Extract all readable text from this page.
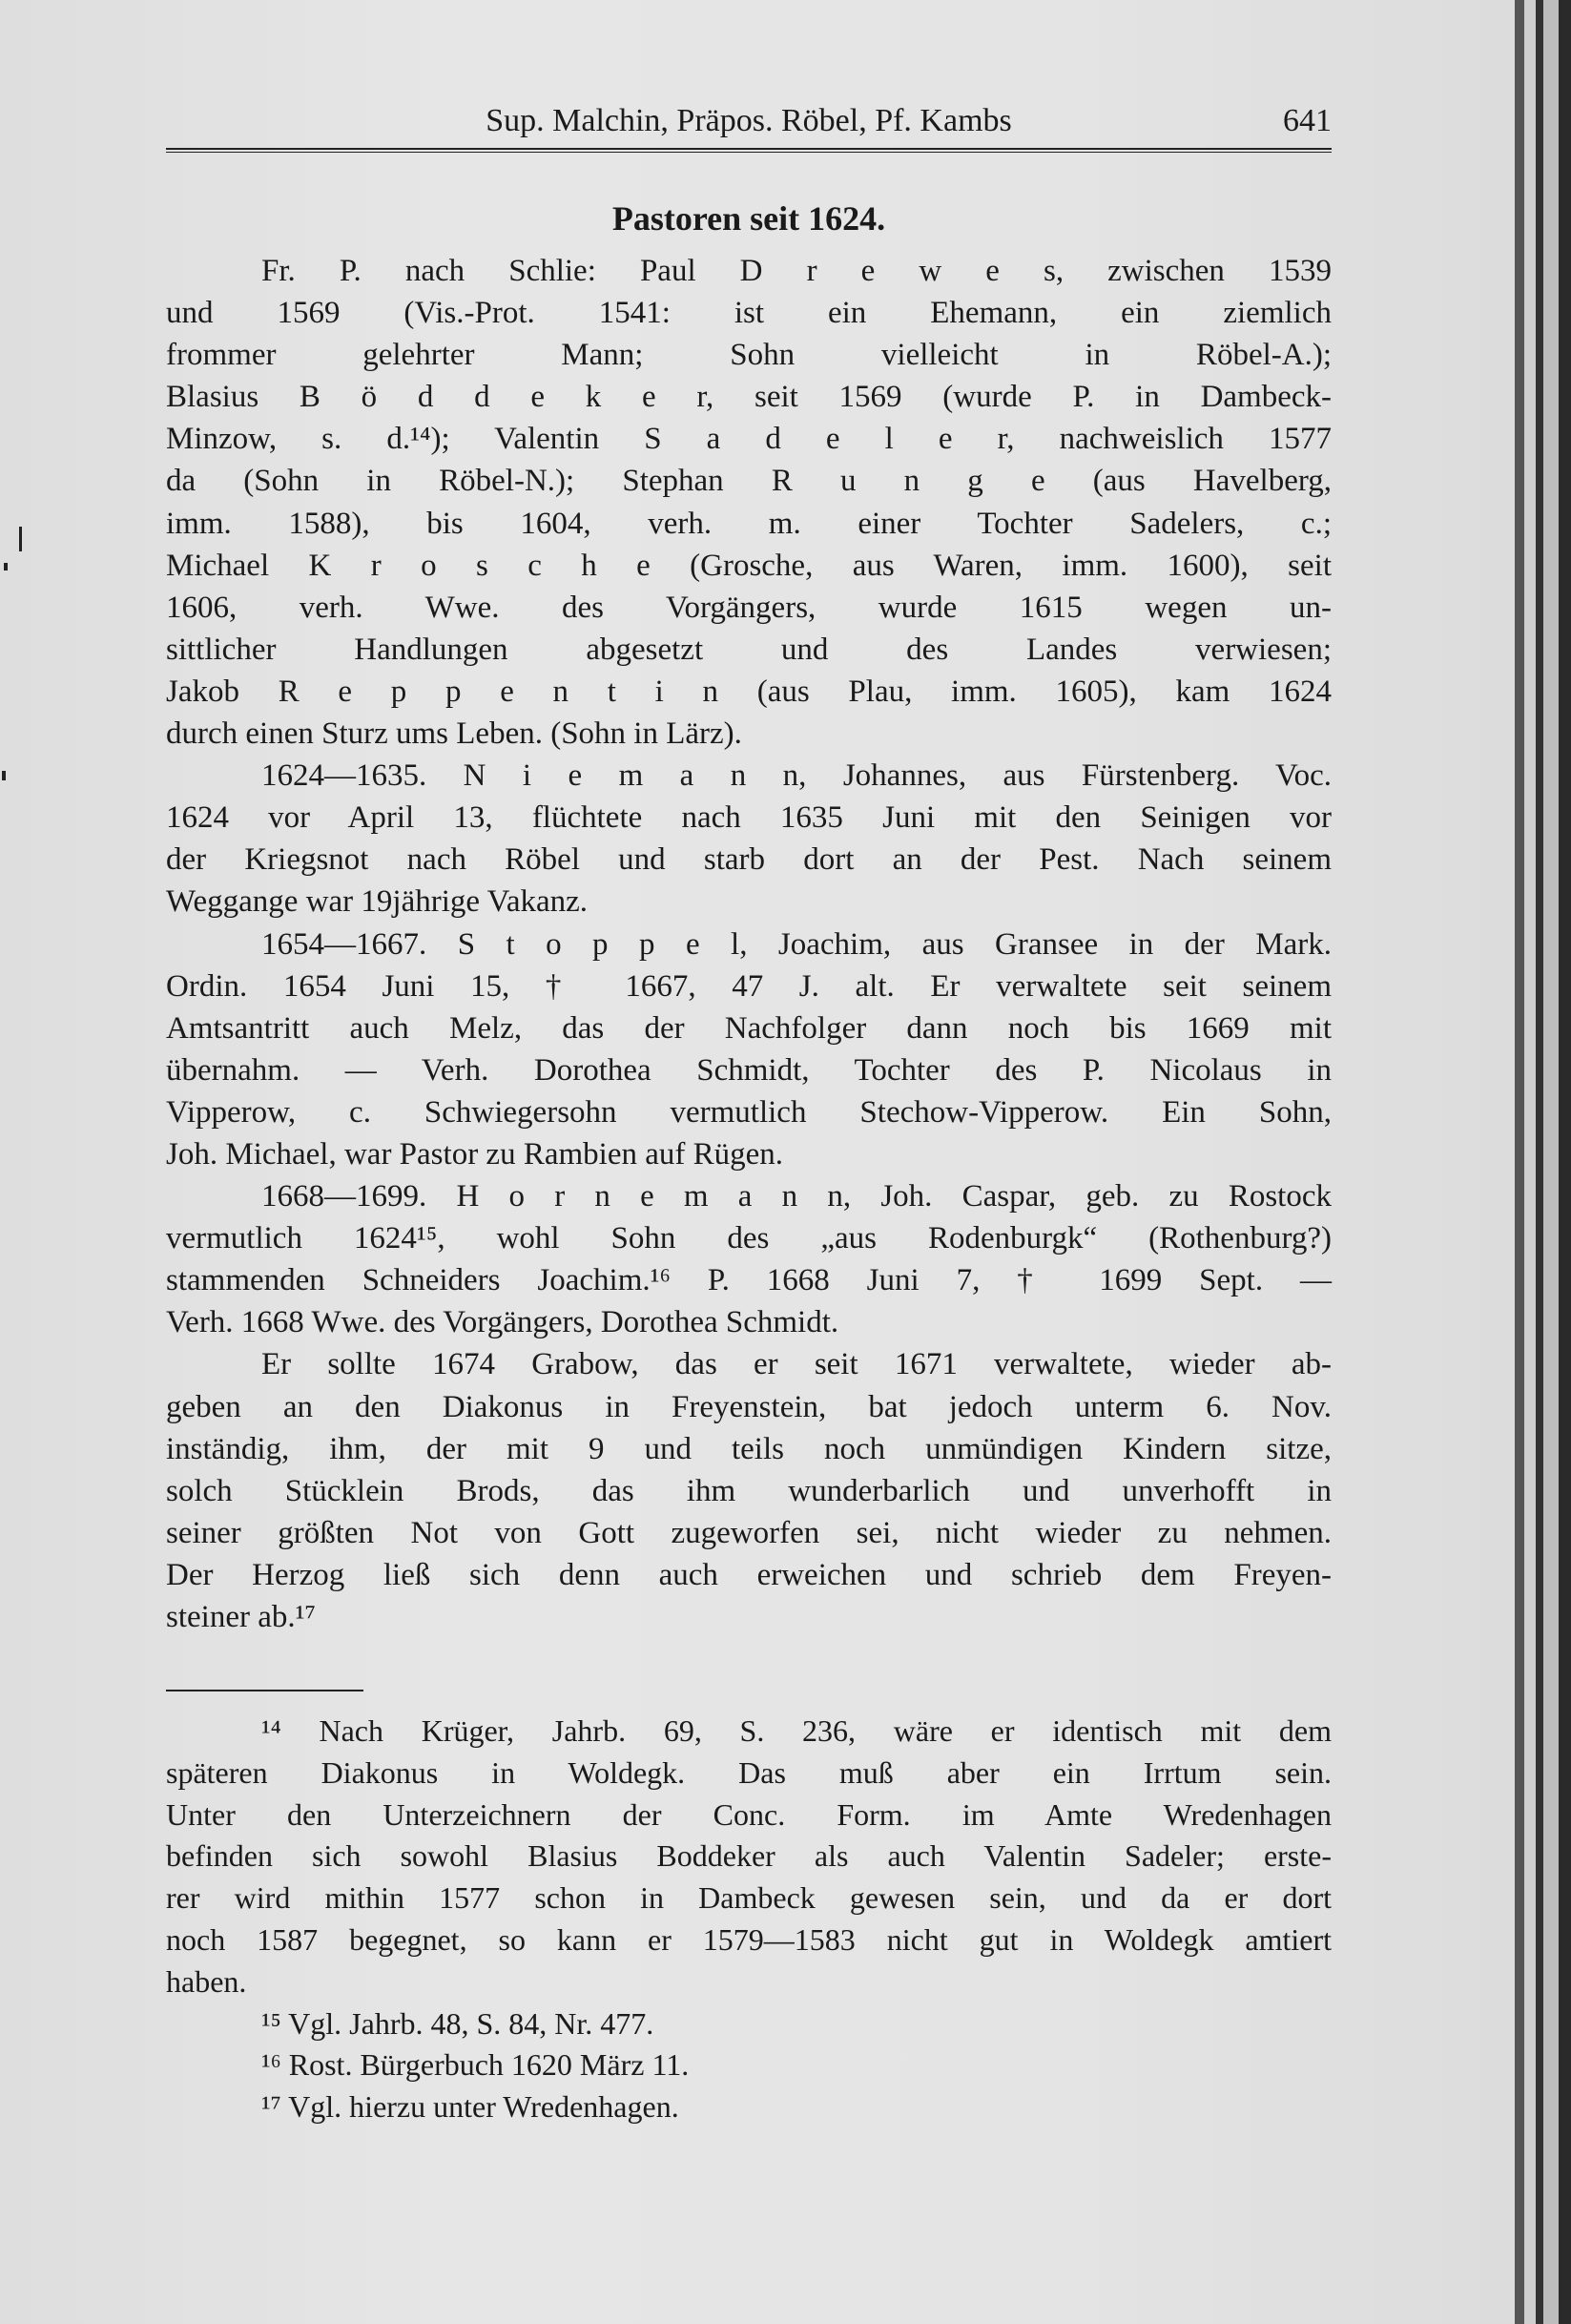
Sup. Malchin, Präpos. Röbel, Pf. Kambs	641
Pastoren seit 1624.
Fr. P. nach Schlie: Paul D r e w e s, zwischen 1539
und 1569 (Vis.-Prot. 1541: ist ein Ehemann, ein ziemlich
frommer gelehrter Mann; Sohn vielleicht in Röbel-A.);
Blasius B ö d d e k e r, seit 1569 (wurde P. in Dambeck-
Minzow, s. d.¹⁴); Valentin S a d e l e r, nachweislich 1577
da (Sohn in Röbel-N.); Stephan R u n g e (aus Havelberg,
imm. 1588), bis 1604, verh. m. einer Tochter Sadelers, c.;
Michael K r o s c h e (Grosche, aus Waren, imm. 1600), seit
1606, verh. Wwe. des Vorgängers, wurde 1615 wegen un-
sittlicher Handlungen abgesetzt und des Landes verwiesen;
Jakob R e p p e n t i n (aus Plau, imm. 1605), kam 1624
durch einen Sturz ums Leben. (Sohn in Lärz).
1624—1635. N i e m a n n, Johannes, aus Fürstenberg. Voc.
1624 vor April 13, flüchtete nach 1635 Juni mit den Seinigen vor
der Kriegsnot nach Röbel und starb dort an der Pest. Nach seinem
Weggange war 19jährige Vakanz.
1654—1667. S t o p p e l, Joachim, aus Gransee in der Mark.
Ordin. 1654 Juni 15, † 1667, 47 J. alt. Er verwaltete seit seinem
Amtsantritt auch Melz, das der Nachfolger dann noch bis 1669 mit
übernahm. — Verh. Dorothea Schmidt, Tochter des P. Nicolaus in
Vipperow, c. Schwiegersohn vermutlich Stechow-Vipperow. Ein Sohn,
Joh. Michael, war Pastor zu Rambien auf Rügen.
1668—1699. H o r n e m a n n, Joh. Caspar, geb. zu Rostock
vermutlich 1624¹⁵, wohl Sohn des „aus Rodenburgk“ (Rothenburg?)
stammenden Schneiders Joachim.¹⁶ P. 1668 Juni 7, † 1699 Sept. —
Verh. 1668 Wwe. des Vorgängers, Dorothea Schmidt.
Er sollte 1674 Grabow, das er seit 1671 verwaltete, wieder ab-
geben an den Diakonus in Freyenstein, bat jedoch unterm 6. Nov.
inständig, ihm, der mit 9 und teils noch unmündigen Kindern sitze,
solch Stücklein Brods, das ihm wunderbarlich und unverhofft in
seiner größten Not von Gott zugeworfen sei, nicht wieder zu nehmen.
Der Herzog ließ sich denn auch erweichen und schrieb dem Freyen-
steiner ab.¹⁷
¹⁴ Nach Krüger, Jahrb. 69, S. 236, wäre er identisch mit dem
späteren Diakonus in Woldegk. Das muß aber ein Irrtum sein.
Unter den Unterzeichnern der Conc. Form. im Amte Wredenhagen
befinden sich sowohl Blasius Boddeker als auch Valentin Sadeler; erste-
rer wird mithin 1577 schon in Dambeck gewesen sein, und da er dort
noch 1587 begegnet, so kann er 1579—1583 nicht gut in Woldegk amtiert
haben.
¹⁵ Vgl. Jahrb. 48, S. 84, Nr. 477.
¹⁶ Rost. Bürgerbuch 1620 März 11.
¹⁷ Vgl. hierzu unter Wredenhagen.
